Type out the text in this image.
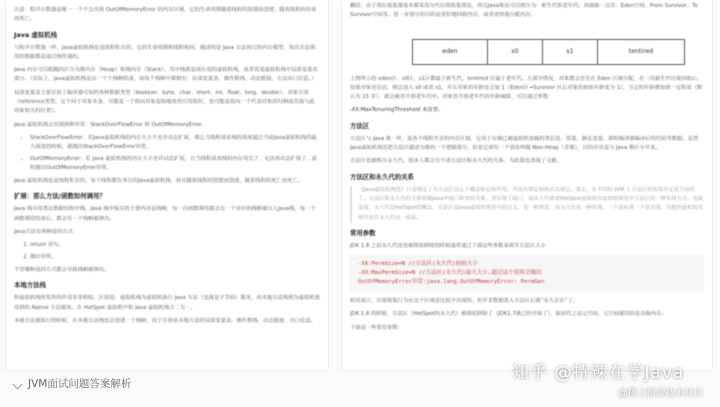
注意：程序计数器是唯一一个不会出现 OutOfMemoryError 的内存区域，它的生命周期随着线程的创建而创建，随着线程的结束而死亡。

Java 虚拟机栈

与程序计数器一样，Java虚拟机栈也是线程私有的，它的生命周期和线程相同，描述的是 Java 方法执行的内存模型，每次方法调用的数据都是通过栈传递的。

Java 内存可以粗糙的区分为堆内存（Heap）和栈内存（Stack），其中栈就是现在说的虚拟机栈，或者说是虚拟机栈中局部变量表部分。（实际上，Java虚拟机栈是由一个个栈帧组成，而每个栈帧中都拥有：局部变量表、操作数栈、动态链接、方法出口信息。）

局部变量表主要存放了编译器可知的各种数据类型（boolean、byte、char、short、int、float、long、double）、对象引用（reference类型，它不同于对象本身，可能是一个指向对象起始地址的引用指针，也可能是指向一个代表对象的句柄或其他与此对象相关的位置）。

Java 虚拟机栈会出现两种异常：StackOverFlowError 和 OutOfMemoryError。

• StackOverFlowError：若Java虚拟机栈的内存大小不允许动态扩展，那么当线程请求栈的深度超过当前Java虚拟机栈的最大深度的时候，就抛出StackOverFlowError异常。
• OutOfMemoryError：若 Java 虚拟机栈的内存大小允许动态扩展，且当线程请求栈时内存用完了，无法再动态扩展了，此时抛出OutOfMemoryError异常。

Java 虚拟机栈也是线程私有的，每个线程都有各自的Java虚拟机栈，而且随着线程的创建而创建，随着线程的死亡而死亡。

扩展：那么方法/函数如何调用？

Java 栈可用类比数据结构中栈，Java 栈中保存的主要内容是栈帧，每一次函数调用都会有一个对应的栈帧被压入Java栈，每一个函数调用结束后，都会有一个栈帧被弹出。

Java方法有两种返回方式：

1. return 语句。
2. 抛出异常。

不管哪种返回方式都会导致栈帧被弹出。

本地方法栈

和虚拟机栈所发挥的作用非常相似，区别是：虚拟机栈为虚拟机执行 Java 方法（也就是字节码）服务，而本地方法栈则为虚拟机使用到的 Native 方法服务。在 HotSpot 虚拟机中和 Java 虚拟机栈合二为一。

本地方法被执行的时候，在本地方法栈也会创建一个栈帧，用于存放该本地方法的局部变量表、操作数栈、动态链接、出口信息。

概括：由于现在收集器基本都采用分代垃圾收集算法，所以Java堆还可以细分为：新生代和老年代；再细致一点有：Eden空间、From Survivor、To Survivor空间等。进一步划分的目的是更好地回收内存，或者更快地分配内存。

eden	s0	s1	tentired

上图所示的 eden区、s0区、s1区都属于新生代，tentired 区属于老年代。大部分情况，对象都会首先在 Eden 区域分配，在一次新生代垃圾回收后，如果对象还存活，则会进入 s0 或者 s1，并且对象的年龄还会加 1（Eden区→Survivor 区后对象的初始年龄变为 1），当它的年龄增加到一定程度（默认为 15 岁），就会被晋升到老年代中。对象晋升到老年代的年龄阈值，可以通过参数

-XX:MaxTenuringThreshold 来设置。

方法区

方法区与 Java 堆一样，是各个线程共享的内存区域，它用于存储已被虚拟机加载的类信息、常量、静态变量、即时编译器编译后的代码等数据。虽然Java虚拟机规范把方法区描述为堆的一个逻辑部分，但是它却有一个别名叫做 Non-Heap（非堆），目的应该是与 Java 堆区分开来。

方法区也被称为永久代。很多人都会分不清方法区和永久代的关系，为此我也查阅了文献。

方法区和永久代的关系

《Java虚拟机规范》只是规定了有方法区这么个概念和它的作用，并没有规定如何去实现它。那么，在不同的 JVM 上方法区的实现肯定是不同的了。方法区和永久代的关系很像Java中接口和类的关系，类实现了接口，而永久代就是HotSpot虚拟机对虚拟机规范中方法区的一种实现方式。也就是说，永久代是HotSpot的概念，方法区是Java虚拟机规范中的定义，是一种规范，而永久代是一种实现，一个是标准一个是实现，其他的虚拟机实现并没有永久代这一说法。

常用参数

JDK 1.8 之前永久代还没被彻底移除的时候通常通过下面这些参数来调节方法区大小

-XX:PermSize=N //方法区(永久代)初始大小
-XX:MaxPermSize=N //方法区(永久代)最大大小,超过这个值将会抛出
OutOfMemoryError异常:java.lang.OutOfMemoryError: PermGen

相对而言，垃圾收集行为在这个区域是比较少出现的，但并非数据进入方法区后就“永久存在”了。

JDK 1.8 的时候，方法区（HotSpot的永久代）被彻底移除了（JDK1.7就已经开始了），取而代之是元空间，元空间使用的是直接内存。

下面是一些常用参数：

JVM面试问题答案解析
知乎 @特辣在学Java
@稀土掘金技术社区
